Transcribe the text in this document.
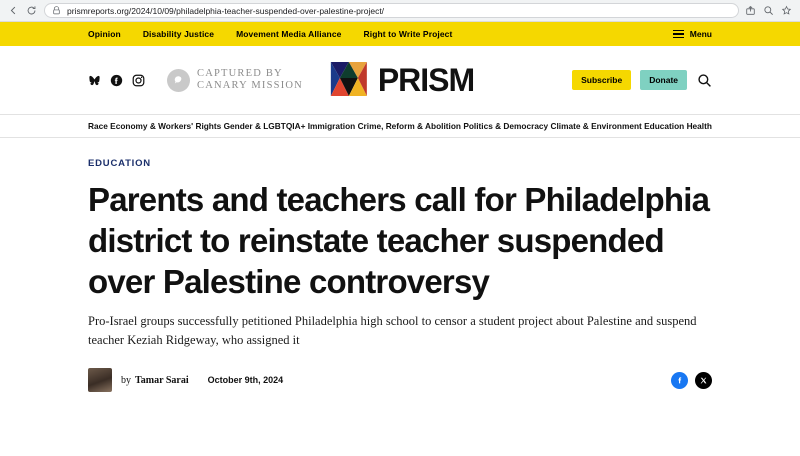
prismreports.org/2024/10/09/philadelphia-teacher-suspended-over-palestine-project/
Opinion	Disability Justice	Movement Media Alliance	Right to Write Project	Menu
CAPTURED BY
CANARY MISSION PRISM	Subscribe	Donate
Race Economy & Workers' Rights Gender & LGBTQIA+ Immigration Crime, Reform & Abolition Politics & Democracy Climate & Environment Education Health
EDUCATION
Parents and teachers call for Philadelphia district to reinstate teacher suspended over Palestine controversy

Pro-Israel groups successfully petitioned Philadelphia high school to censor a student project about Palestine and suspend teacher Keziah Ridgeway, who assigned it

by Tamar Sarai October 9th, 2024
